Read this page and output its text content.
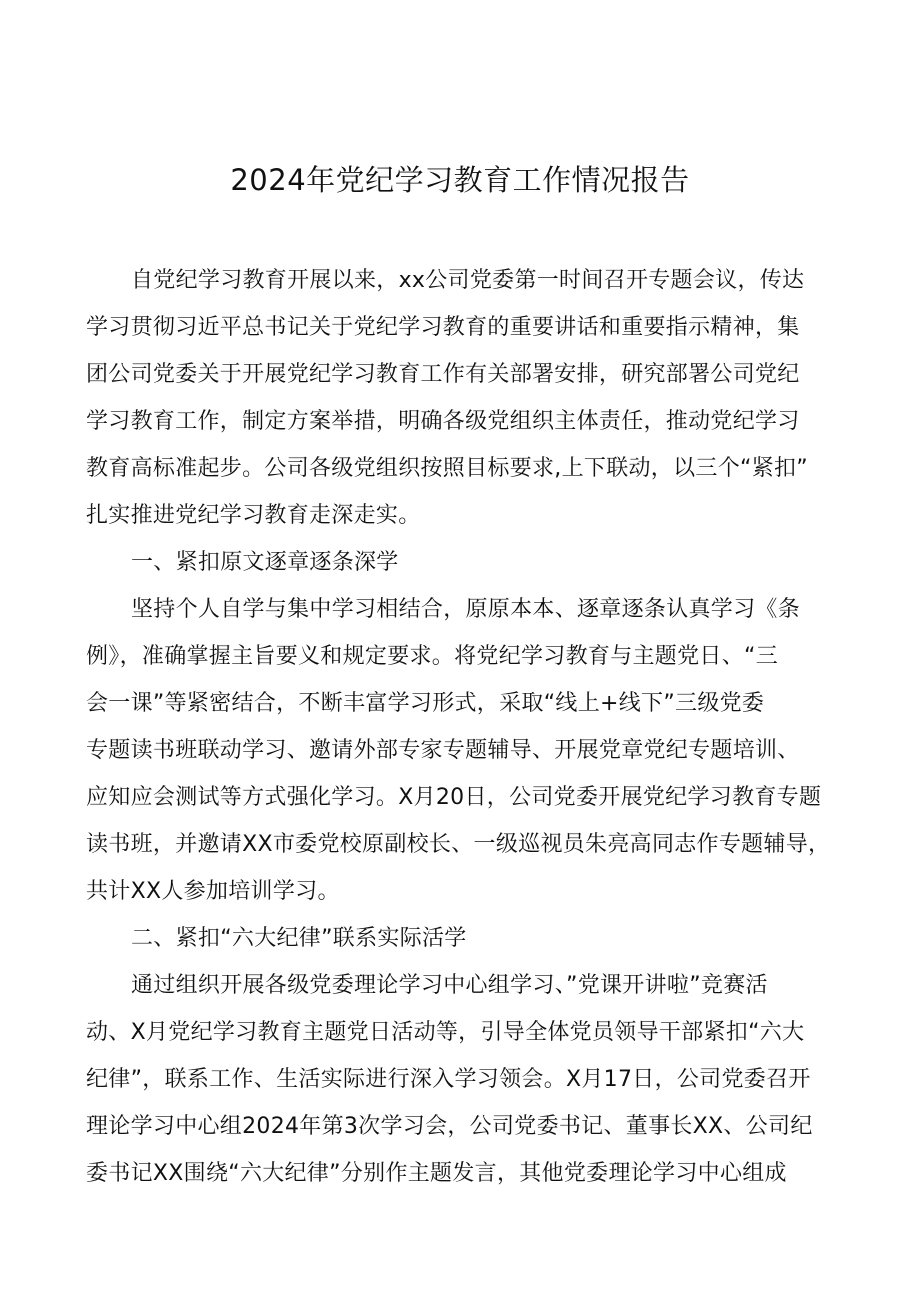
2024年党纪学习教育工作情况报告

自党纪学习教育开展以来，xx公司党委第一时间召开专题会议，传达
学习贯彻习近平总书记关于党纪学习教育的重要讲话和重要指示精神，集
团公司党委关于开展党纪学习教育工作有关部署安排，研究部署公司党纪
学习教育工作，制定方案举措，明确各级党组织主体责任，推动党纪学习
教育高标准起步。公司各级党组织按照目标要求,上下联动，以三个“紧扣”
扎实推进党纪学习教育走深走实。

一、紧扣原文逐章逐条深学

坚持个人自学与集中学习相结合，原原本本、逐章逐条认真学习《条
例》，准确掌握主旨要义和规定要求。将党纪学习教育与主题党日、“三
会一课”等紧密结合，不断丰富学习形式，采取“线上+线下”三级党委
专题读书班联动学习、邀请外部专家专题辅导、开展党章党纪专题培训、
应知应会测试等方式强化学习。X月20日，公司党委开展党纪学习教育专题
读书班，并邀请XX市委党校原副校长、一级巡视员朱亮高同志作专题辅导，
共计XX人参加培训学习。

二、紧扣“六大纪律”联系实际活学

通过组织开展各级党委理论学习中心组学习、”党课开讲啦”竞赛活
动、X月党纪学习教育主题党日活动等，引导全体党员领导干部紧扣“六大
纪律”，联系工作、生活实际进行深入学习领会。X月17日，公司党委召开
理论学习中心组2024年第3次学习会，公司党委书记、董事长XX、公司纪
委书记XX围绕“六大纪律”分别作主题发言，其他党委理论学习中心组成
